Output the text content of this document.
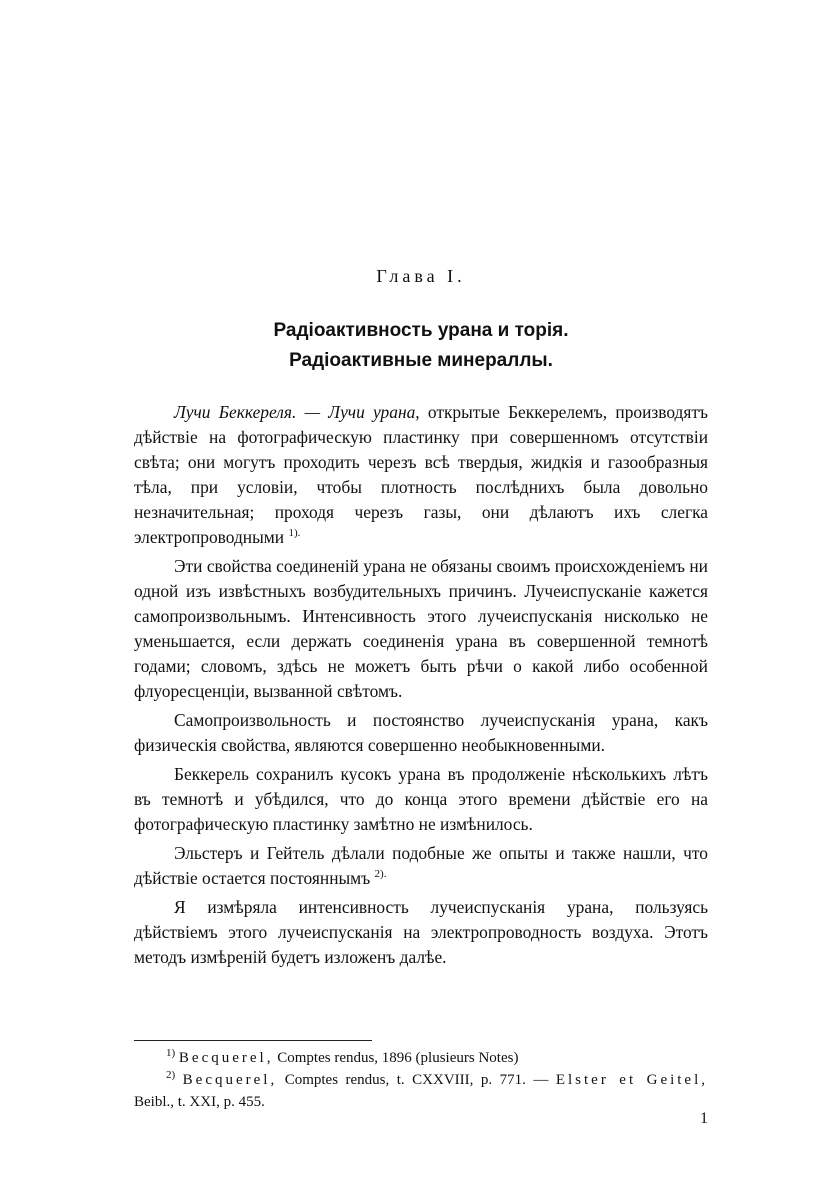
Глава I.
Радіоактивность урана и торія.
Радіоактивные минераллы.

Лучи Беккереля. — Лучи урана, открытые Беккерелемъ, производятъ дѣйствіе на фотографическую пластинку при совершенномъ отсутствіи свѣта; они могутъ проходить черезъ всѣ твердыя, жидкія и газообразныя тѣла, при условіи, чтобы плотность послѣднихъ была довольно незначительная; проходя черезъ газы, они дѣлаютъ ихъ слегка электропроводными $^{1).}$

Эти свойства соединеній урана не обязаны своимъ происхожденіемъ ни одной изъ извѣстныхъ возбудительныхъ причинъ. Лучеиспусканіе кажется самопроизвольнымъ. Интенсивность этого лучеиспусканія нисколько не уменьшается, если держать соединенія урана въ совершенной темнотѣ годами; словомъ, здѣсь не можетъ быть рѣчи о какой либо особенной флуоресценціи, вызванной свѣтомъ.

Самопроизвольность и постоянство лучеиспусканія урана, какъ физическія свойства, являются совершенно необыкновенными.

Беккерель сохранилъ кусокъ урана въ продолженіе нѣсколькихъ лѣтъ въ темнотѣ и убѣдился, что до конца этого времени дѣйствіе его на фотографическую пластинку замѣтно не измѣнилось.

Эльстеръ и Гейтель дѣлали подобные же опыты и также нашли, что дѣйствіе остается постояннымъ $^{2).}$

Я измѣряла интенсивность лучеиспусканія урана, пользуясь дѣйствіемъ этого лучеиспусканія на электропроводность воздуха. Этотъ методъ измѣреній будетъ изложенъ далѣе.

$^{1)}$ Becquerel, Comptes rendus, 1896 (plusieurs Notes)

$^{2)}$ Becquerel, Comptes rendus, t. CXXVIII, p. 771. — Elster et Geitel, Beibl., t. XXI, p. 455.

1
